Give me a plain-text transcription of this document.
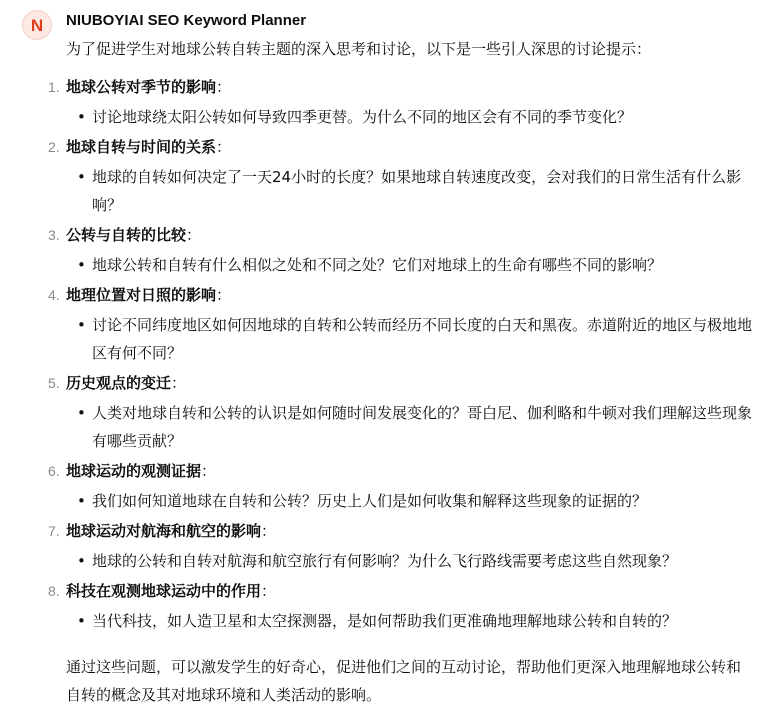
N NIUBOYIAI SEO Keyword Planner

为了促进学生对地球公转自转主题的深入思考和讨论，以下是一些引人深思的讨论提示：

1. 地球公转对季节的影响：
• 讨论地球绕太阳公转如何导致四季更替。为什么不同的地区会有不同的季节变化？
2. 地球自转与时间的关系：
• 地球的自转如何决定了一天24小时的长度？如果地球自转速度改变，会对我们的日常生活有什么影响？
3. 公转与自转的比较：
• 地球公转和自转有什么相似之处和不同之处？它们对地球上的生命有哪些不同的影响？
4. 地理位置对日照的影响：
• 讨论不同纬度地区如何因地球的自转和公转而经历不同长度的白天和黑夜。赤道附近的地区与极地地区有何不同？
5. 历史观点的变迁：
• 人类对地球自转和公转的认识是如何随时间发展变化的？哥白尼、伽利略和牛顿对我们理解这些现象有哪些贡献？
6. 地球运动的观测证据：
• 我们如何知道地球在自转和公转？历史上人们是如何收集和解释这些现象的证据的？
7. 地球运动对航海和航空的影响：
• 地球的公转和自转对航海和航空旅行有何影响？为什么飞行路线需要考虑这些自然现象？
8. 科技在观测地球运动中的作用：
• 当代科技，如人造卫星和太空探测器，是如何帮助我们更准确地理解地球公转和自转的？

通过这些问题，可以激发学生的好奇心，促进他们之间的互动讨论，帮助他们更深入地理解地球公转和自转的概念及其对地球环境和人类活动的影响。
